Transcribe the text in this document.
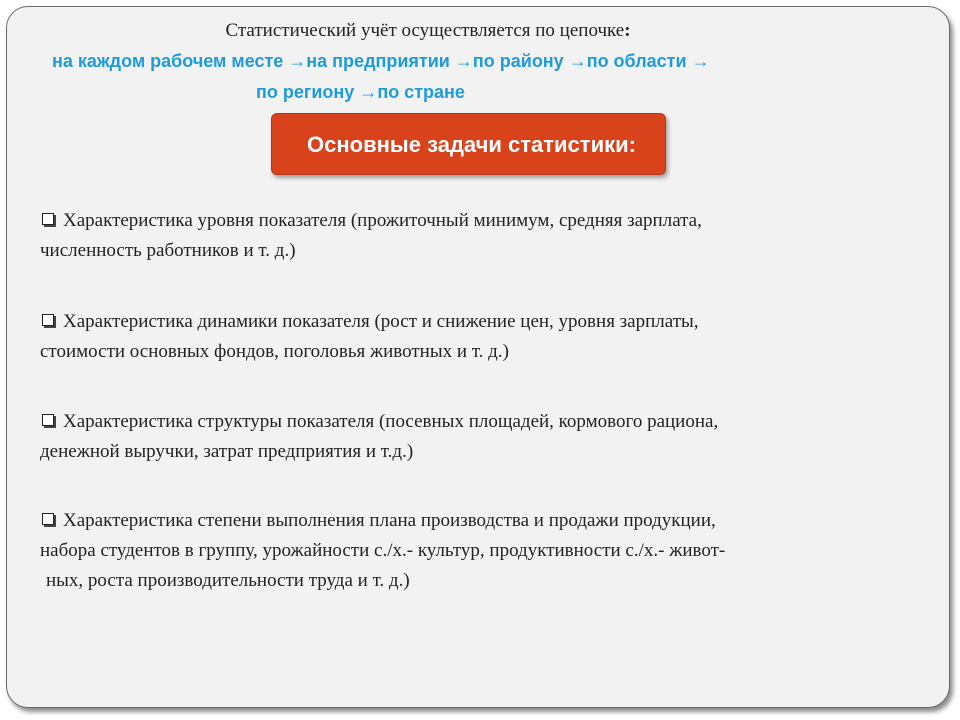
Статистический учёт осуществляется по цепочке:
на каждом рабочем месте →на предприятии →по району →по области →
по региону →по стране
Основные задачи статистики:
Характеристика уровня показателя (прожиточный минимум, средняя зарплата,
численность работников и т. д.)
Характеристика динамики показателя (рост и снижение цен, уровня зарплаты,
стоимости основных фондов, поголовья животных и т. д.)
Характеристика структуры показателя (посевных площадей, кормового рациона,
денежной выручки, затрат предприятия и т.д.)
Характеристика степени выполнения плана производства и продажи продукции,
набора студентов в группу, урожайности с./х.- культур, продуктивности с./х.- живот-
ных, роста производительности труда и т. д.)
